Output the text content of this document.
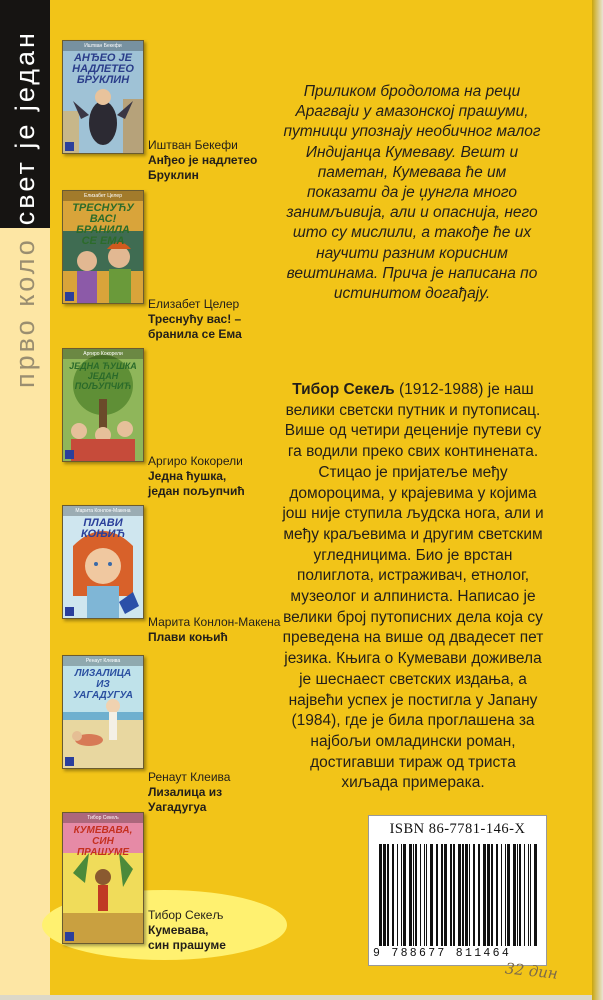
прво колосвет је један	Иштван Бекефи
АНЂЕО ЈЕ НАДЛЕТЕО БРУКЛИН
Иштван Бекефи
Анђео је надлетео
Бруклин
Елизабет Целер
ТРЕСНУЋУ ВАС! БРАНИЛА СЕ ЕМА
Елизабет Целер
Треснућу вас! –
бранила се Ема
Аргиро Кокорели
ЈЕДНА ЋУШКА ЈЕДАН ПОЉУПЧИЋ
Аргиро Кокорели
Једна ћушка,
један пољупчић
Марита Конлон-Макена
ПЛАВИ КОЊИЋ
Марита Конлон-Макена
Плави коњић
Ренаут Клеива
ЛИЗАЛИЦА ИЗ УАГАДУГУА
Ренаут Клеива
Лизалица из
Уагадугуа
Тибор Секељ
КУМЕВАВА, СИН ПРАШУМЕ
Тибор Секељ
Кумевава,
син прашуме
Приликом бродолома на реци Арагваји у амазонској прашуми, путници упознају необичног малог Индијанца Кумеваву. Вешт и паметан, Кумевава ће им показати да је џунгла много занимљивија, али и опаснија, него што су мислили, а такође ће их научити разним корисним вештинама. Прича је написана по истинитом догађају.
Тибор Секељ (1912-1988) је наш велики светски путник и путописац. Више од четири деценије путеви су га водили преко свих континената. Стицао је пријатеље међу домороцима, у крајевима у којима још није ступила људска нога, али и међу краљевима и другим светским угледницима. Био је врстан полиглота, истраживач, етнолог, музеолог и алпиниста. Написао је велики број путописних дела која су преведена на више од двадесет пет језика. Књига о Кумевави доживела је шеснаест светских издања, а највећи успех је постигла у Јапану (1984), где је била проглашена за најбољи омладински роман, достигавши тираж од триста хиљада примерака.
ISBN 86-7781-146-X
9 788677 811464
32 дин
